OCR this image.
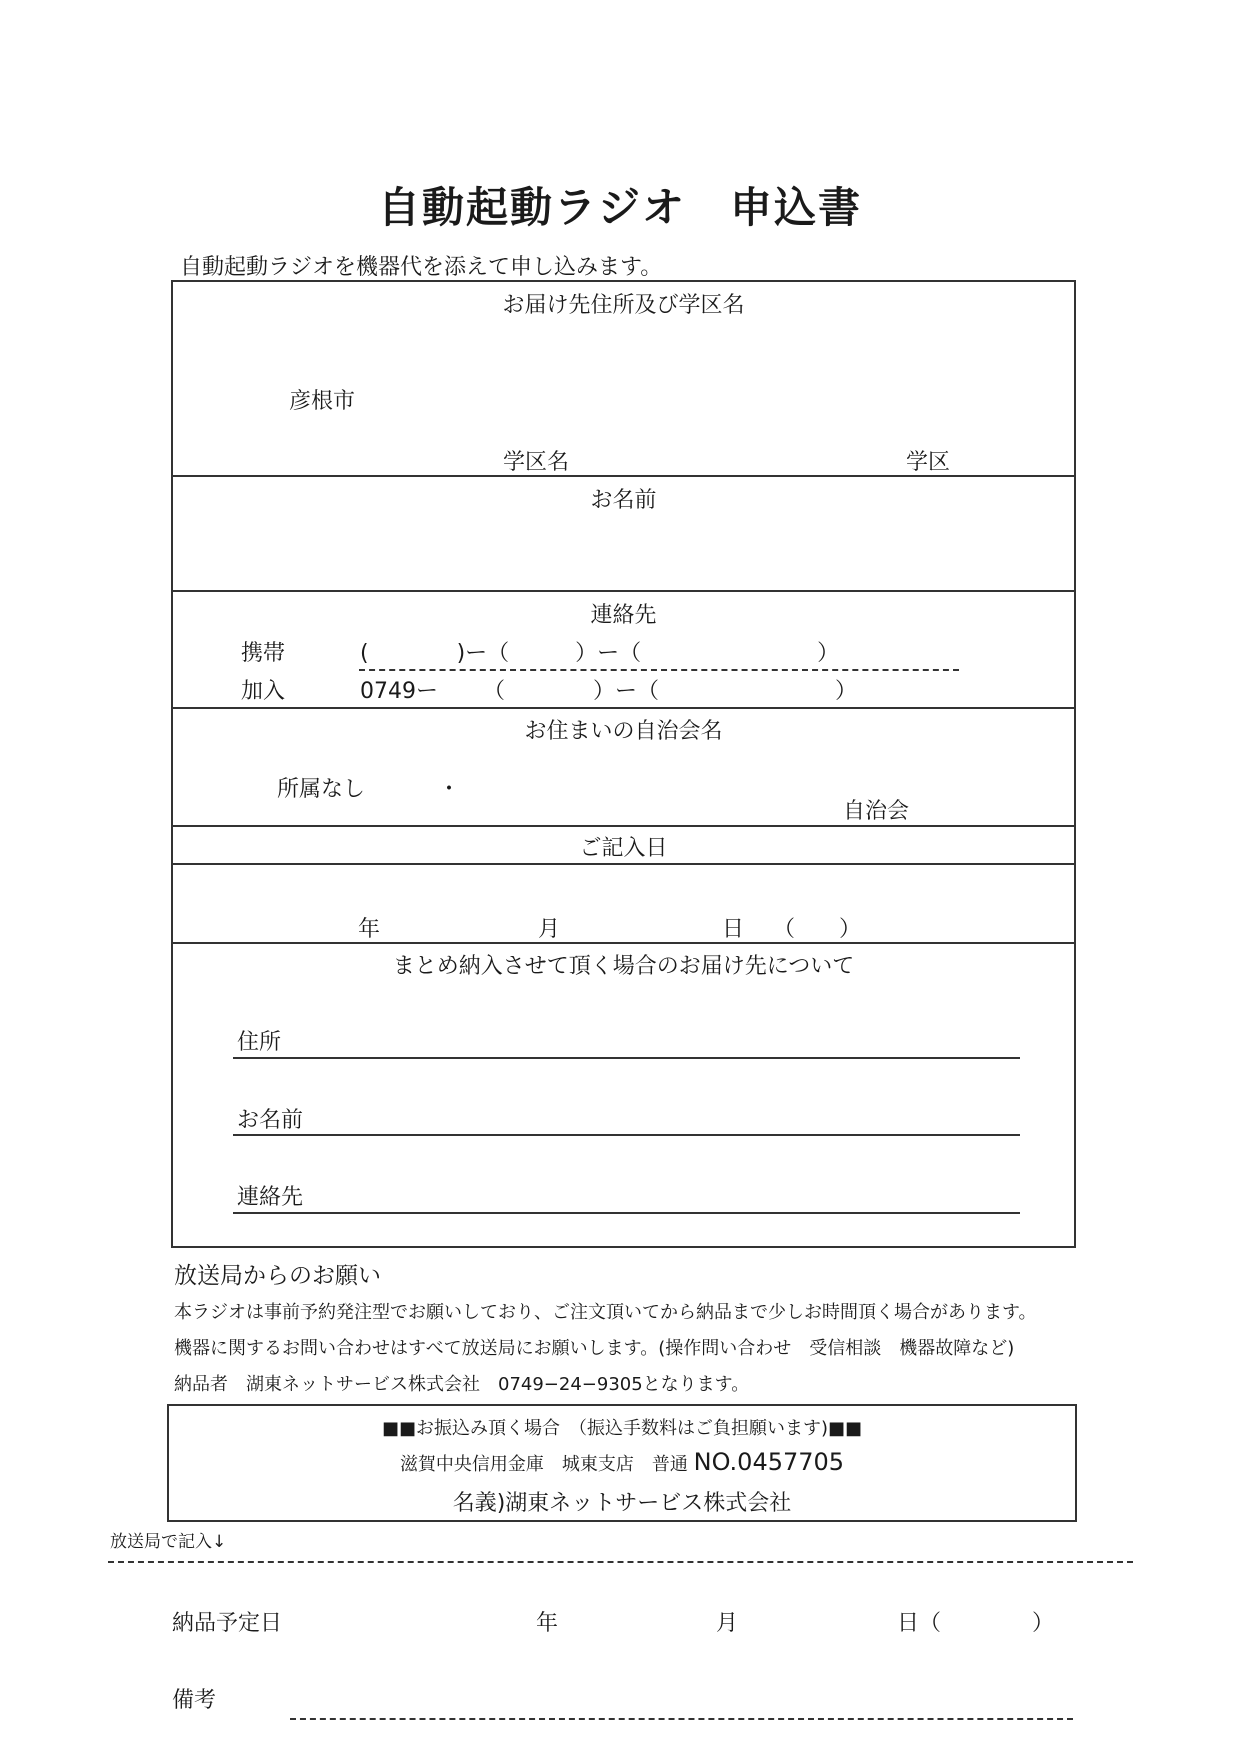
自動起動ラジオ　申込書
自動起動ラジオを機器代を添えて申し込みます。
お届け先住所及び学区名
彦根市
学区名	学区
お名前
連絡先
携帯	(　　　　)ー（　　　）ー（　　　　　　　　）
加入	0749ー （　　　　）ー（　　　　　　　　）
お住まいの自治会名
所属なし	・
自治会
ご記入日
年	月	日 （　　）
まとめ納入させて頂く場合のお届け先について
住所
お名前
連絡先
放送局からのお願い
本ラジオは事前予約発注型でお願いしており、ご注文頂いてから納品まで少しお時間頂く場合があります。
機器に関するお問い合わせはすべて放送局にお願いします。(操作問い合わせ　受信相談　機器故障など)
納品者　湖東ネットサービス株式会社　0749−24−9305となります。
■■お振込み頂く場合　（振込手数料はご負担願います)■■
滋賀中央信用金庫　城東支店　普通 NO.0457705
名義)湖東ネットサービス株式会社
放送局で記入↓
納品予定日	年	月	日（	）
備考
